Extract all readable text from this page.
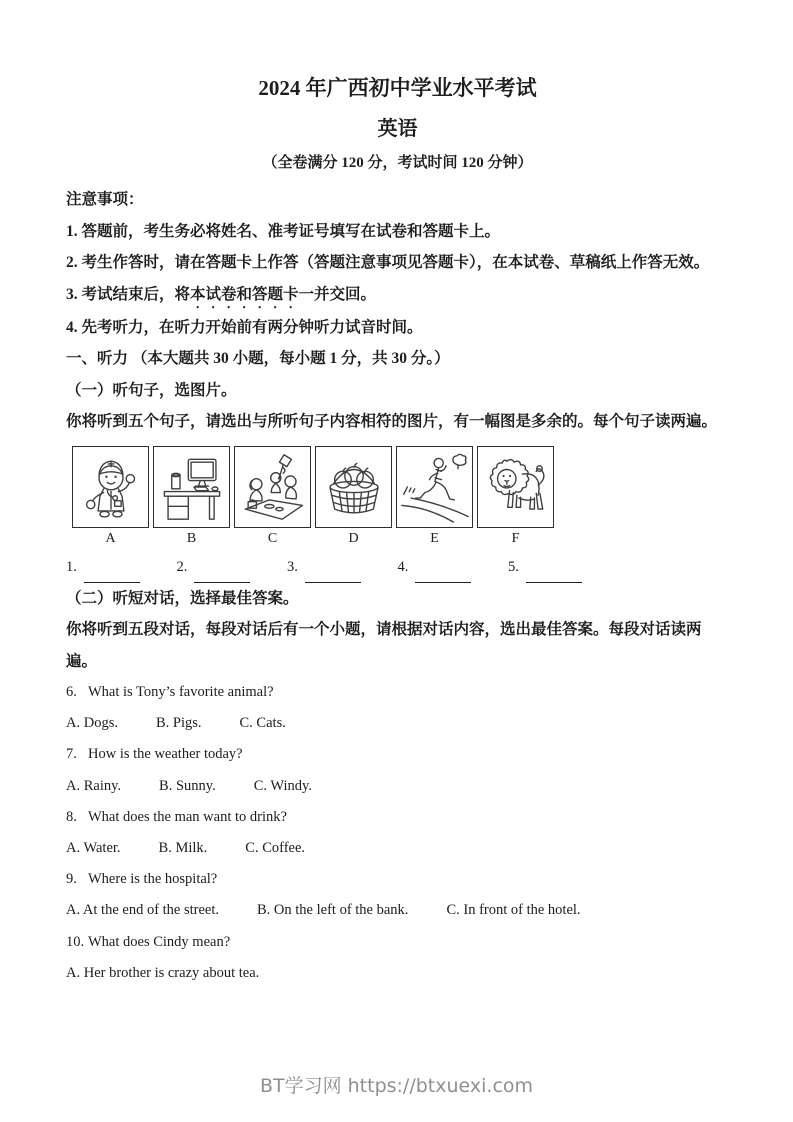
2024 年广西初中学业水平考试
英语
（全卷满分 120 分，考试时间 120 分钟）

注意事项：

1. 答题前，考生务必将姓名、准考证号填写在试卷和答题卡上。

2. 考生作答时，请在答题卡上作答（答题注意事项见答题卡），在本试卷、草稿纸上作答无效。

3. 考试结束后，将本试卷和答题卡一并交回。

4. 先考听力，在听力开始前有两分钟听力试音时间。

一、听力 （本大题共 30 小题，每小题 1 分，共 30 分。）

（一）听句子，选图片。

你将听到五个句子，请选出与所听句子内容相符的图片，有一幅图是多余的。每个句子读两遍。

A	B	C	D	E	F
1.
	2.
	3.
	4.
	5.

（二）听短对话，选择最佳答案。

你将听到五段对话，每段对话后有一个小题，请根据对话内容，选出最佳答案。每段对话读两遍。

6. What is Tony’s favorite animal?

A. Dogs.	B. Pigs.	C. Cats.

7. How is the weather today?

A. Rainy.	B. Sunny.	C. Windy.

8. What does the man want to drink?

A. Water.	B. Milk.	C. Coffee.

9. Where is the hospital?

A. At the end of the street.	B. On the left of the bank.	C. In front of the hotel.

10. What does Cindy mean?

A. Her brother is crazy about tea.

BT学习网 https://btxuexi.com
